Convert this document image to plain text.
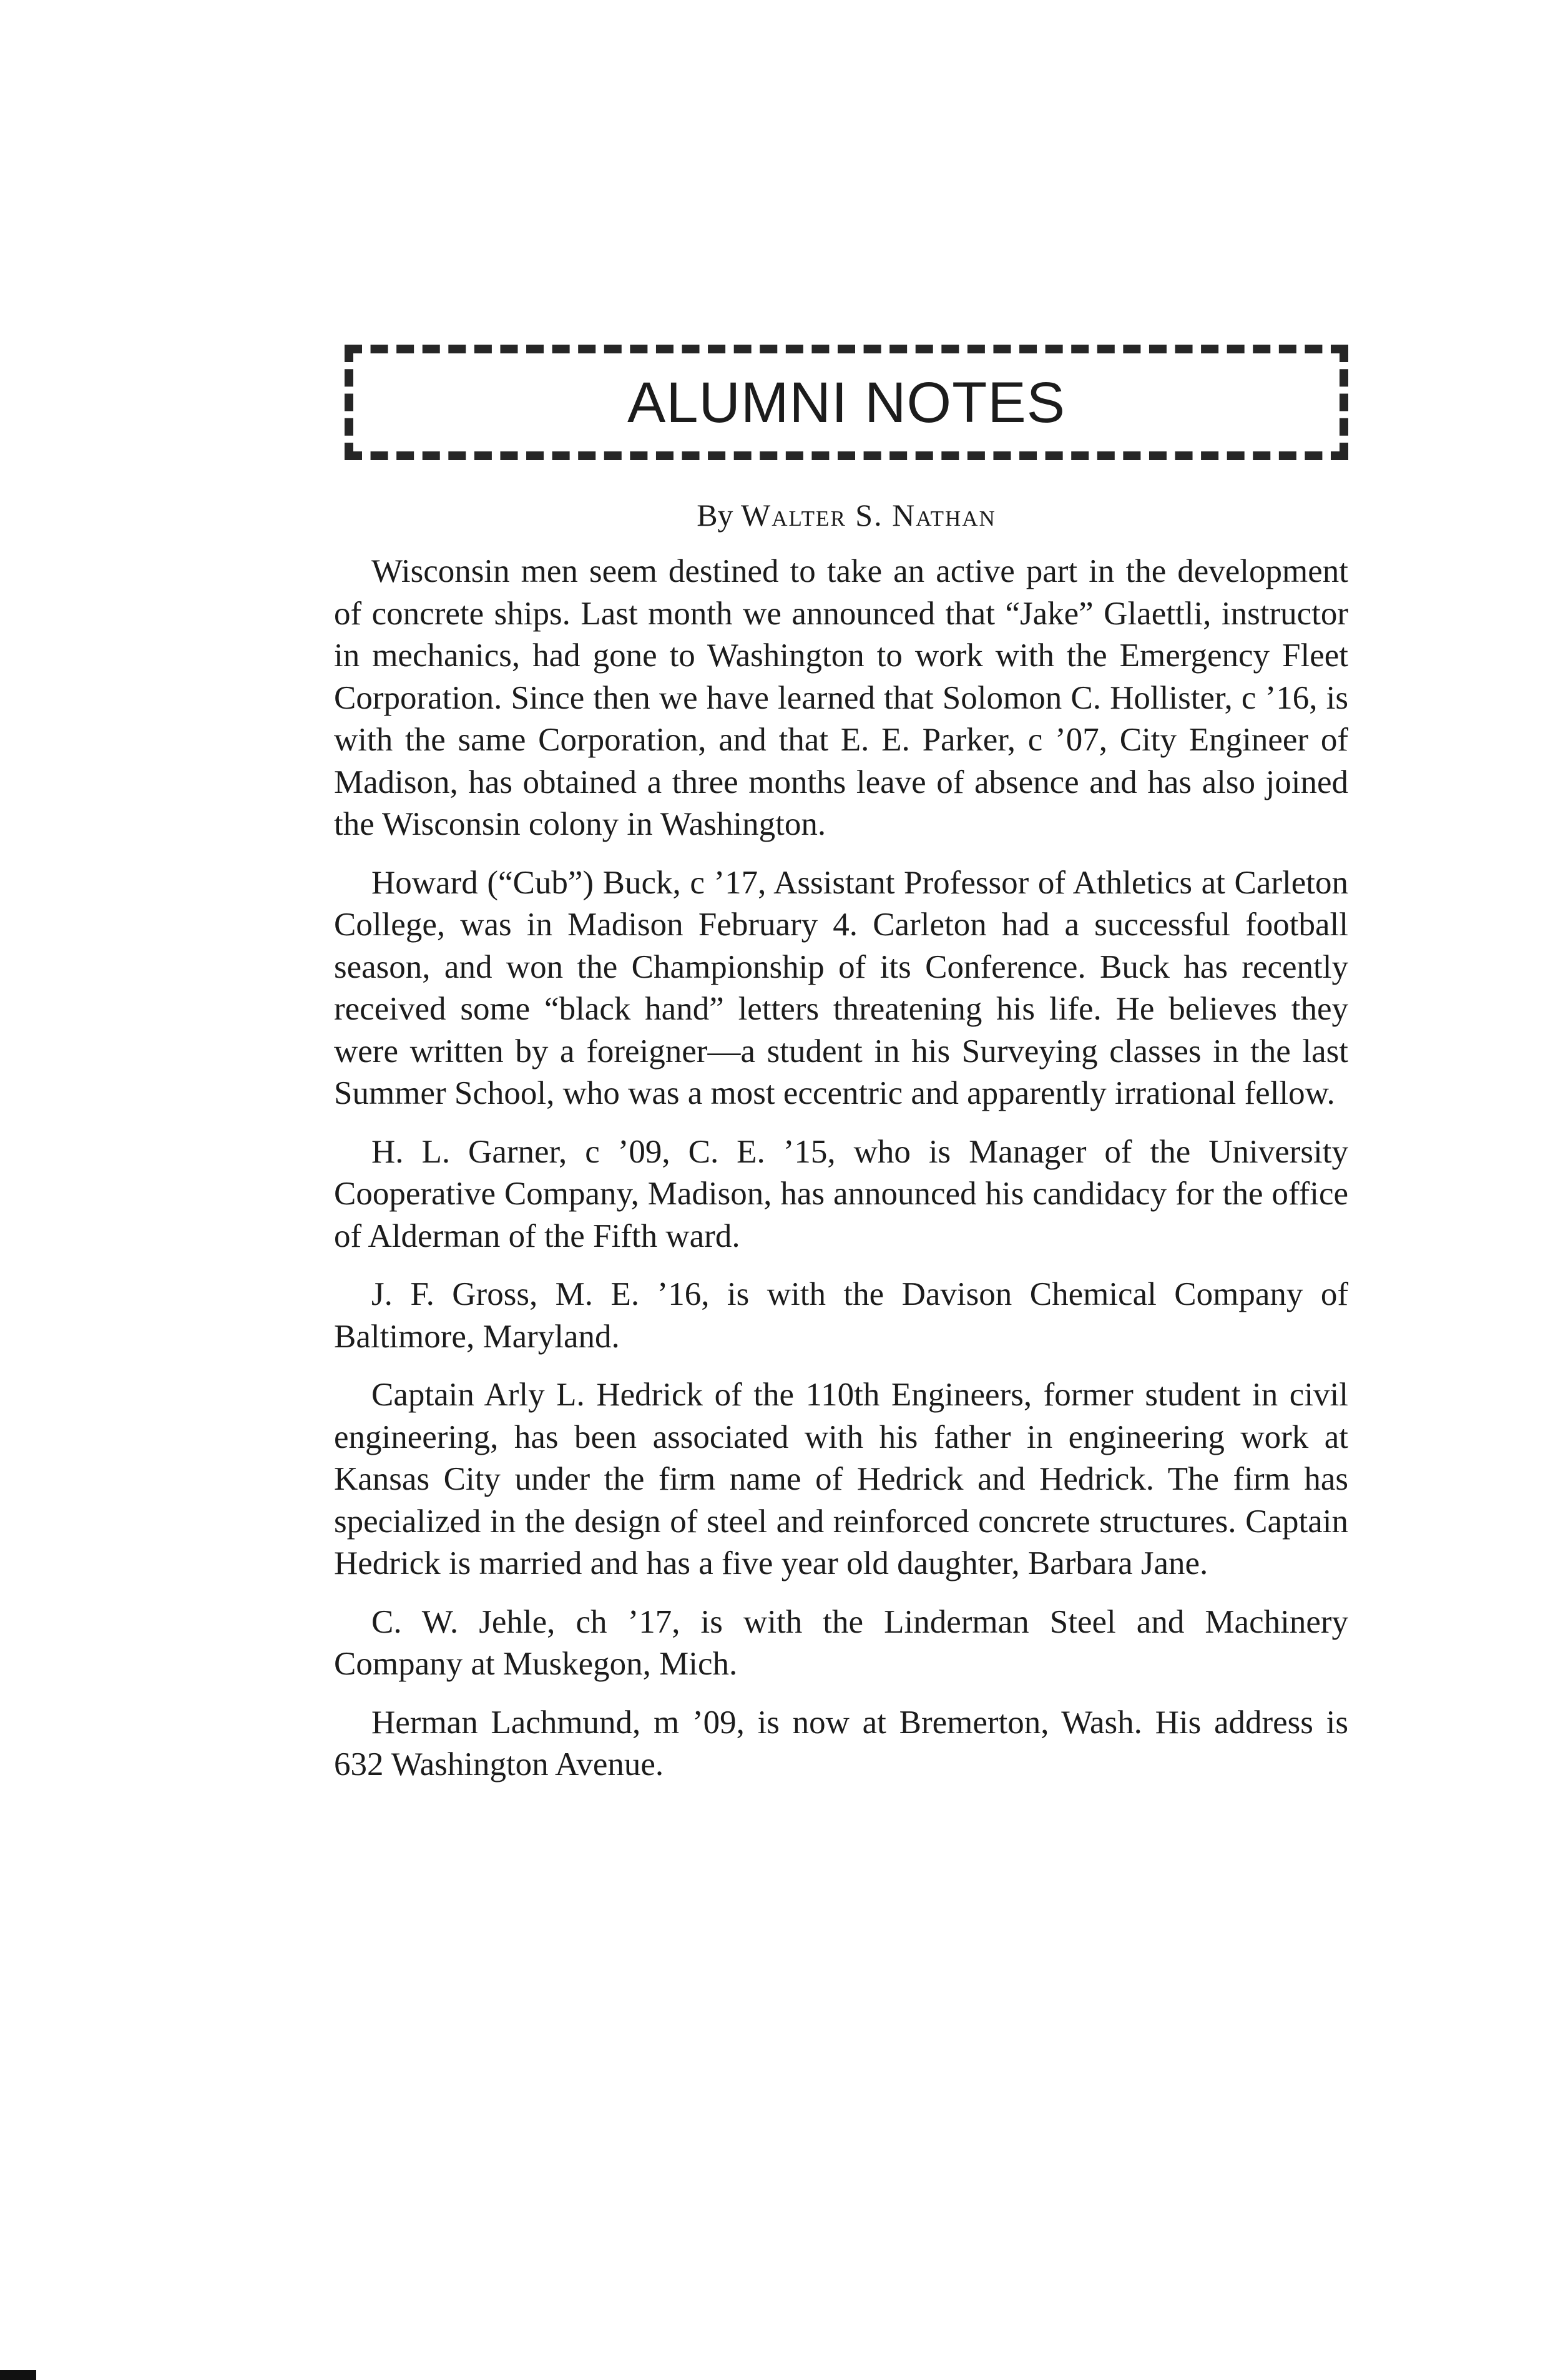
ALUMNI NOTES
By Walter S. Nathan

Wisconsin men seem destined to take an active part in the development of concrete ships. Last month we announced that “Jake” Glaettli, instructor in mechanics, had gone to Washington to work with the Emergency Fleet Corporation. Since then we have learned that Solomon C. Hollister, c ’16, is with the same Corporation, and that E. E. Parker, c ’07, City Engineer of Madison, has obtained a three months leave of absence and has also joined the Wisconsin colony in Washington.

Howard (“Cub”) Buck, c ’17, Assistant Professor of Athletics at Carleton College, was in Madison February 4. Carleton had a successful football season, and won the Championship of its Conference. Buck has recently received some “black hand” letters threatening his life. He believes they were written by a foreigner—a student in his Surveying classes in the last Summer School, who was a most eccentric and apparently irrational fellow.

H. L. Garner, c ’09, C. E. ’15, who is Manager of the University Cooperative Company, Madison, has announced his candidacy for the office of Alderman of the Fifth ward.

J. F. Gross, M. E. ’16, is with the Davison Chemical Company of Baltimore, Maryland.

Captain Arly L. Hedrick of the 110th Engineers, former student in civil engineering, has been associated with his father in engineering work at Kansas City under the firm name of Hedrick and Hedrick. The firm has specialized in the design of steel and reinforced concrete structures. Captain Hedrick is married and has a five year old daughter, Barbara Jane.

C. W. Jehle, ch ’17, is with the Linderman Steel and Machinery Company at Muskegon, Mich.

Herman Lachmund, m ’09, is now at Bremerton, Wash. His address is 632 Washington Avenue.
